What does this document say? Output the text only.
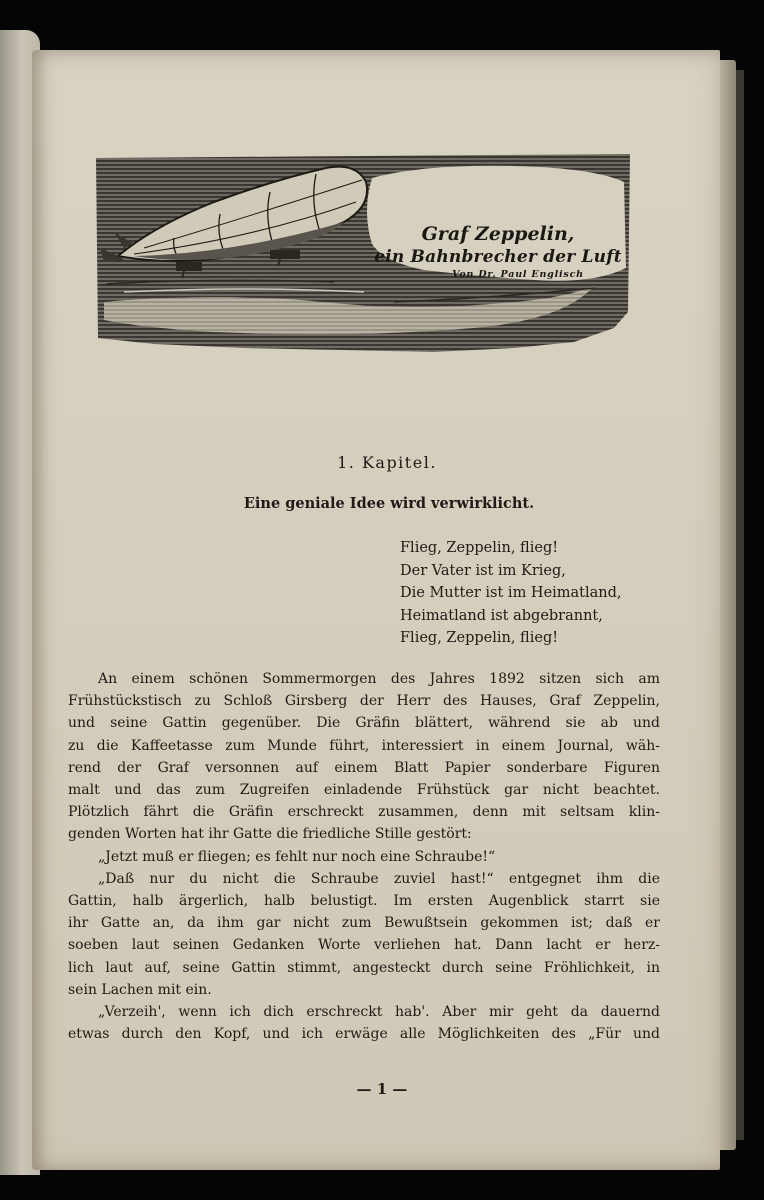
Graf Zeppelin,
ein Bahnbrecher der Luft
Von Dr. Paul Englisch
1. Kapitel.
Eine geniale Idee wird verwirklicht.
Flieg, Zeppelin, flieg!
Der Vater ist im Krieg,
Die Mutter ist im Heimatland,
Heimatland ist abgebrannt,
Flieg, Zeppelin, flieg!
An einem schönen Sommermorgen des Jahres 1892 sitzen sich am
Frühstückstisch zu Schloß Girsberg der Herr des Hauses, Graf Zeppelin,
und seine Gattin gegenüber. Die Gräfin blättert, während sie ab und
zu die Kaffeetasse zum Munde führt, interessiert in einem Journal, wäh-
rend der Graf versonnen auf einem Blatt Papier sonderbare Figuren
malt und das zum Zugreifen einladende Frühstück gar nicht beachtet.
Plötzlich fährt die Gräfin erschreckt zusammen, denn mit seltsam klin-
genden Worten hat ihr Gatte die friedliche Stille gestört:
„Jetzt muß er fliegen; es fehlt nur noch eine Schraube!“
„Daß nur du nicht die Schraube zuviel hast!“ entgegnet ihm die
Gattin, halb ärgerlich, halb belustigt. Im ersten Augenblick starrt sie
ihr Gatte an, da ihm gar nicht zum Bewußtsein gekommen ist; daß er
soeben laut seinen Gedanken Worte verliehen hat. Dann lacht er herz-
lich laut auf, seine Gattin stimmt, angesteckt durch seine Fröhlichkeit, in
sein Lachen mit ein.
„Verzeih', wenn ich dich erschreckt hab'. Aber mir geht da dauernd
etwas durch den Kopf, und ich erwäge alle Möglichkeiten des „Für und
— 1 —
